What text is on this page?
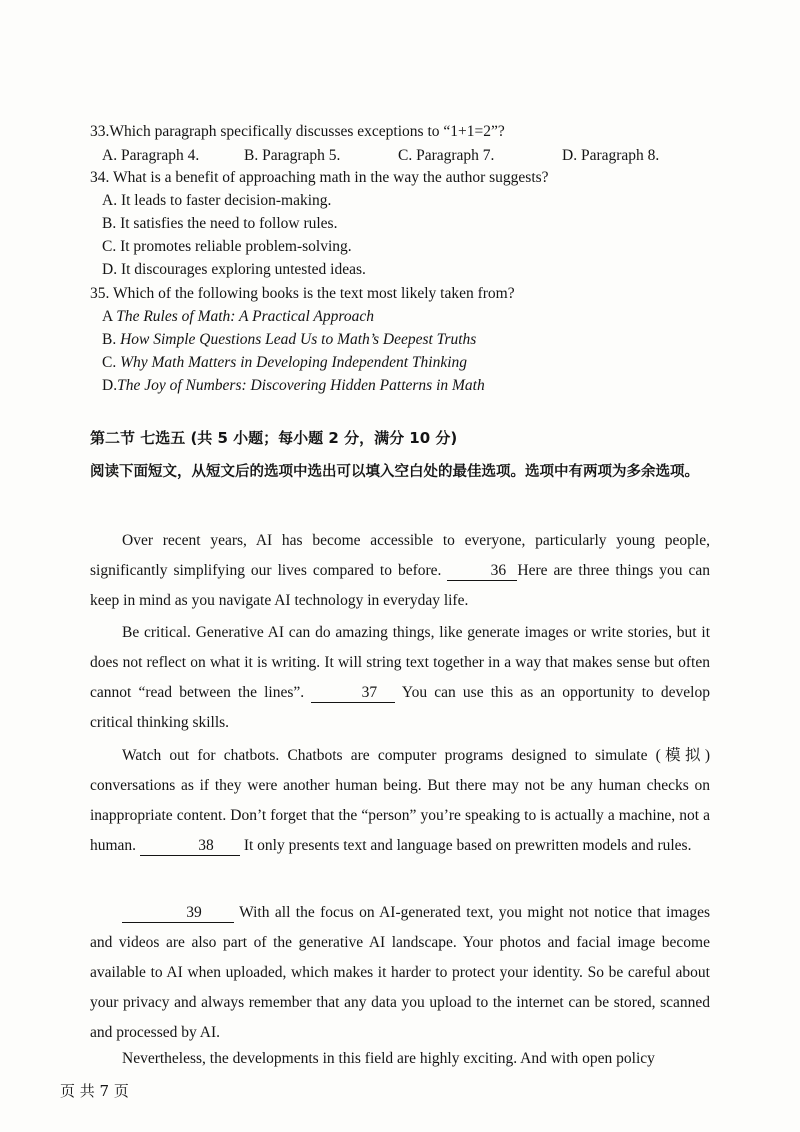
33.Which paragraph specifically discusses exceptions to “1+1=2”?
A. Paragraph 4.	B. Paragraph 5.	C. Paragraph 7.	D. Paragraph 8.
34. What is a benefit of approaching math in the way the author suggests?
A. It leads to faster decision-making.
B. It satisfies the need to follow rules.
C. It promotes reliable problem-solving.
D. It discourages exploring untested ideas.
35. Which of the following books is the text most likely taken from?
A The Rules of Math: A Practical Approach
B. How Simple Questions Lead Us to Math’s Deepest Truths
C. Why Math Matters in Developing Independent Thinking
D.The Joy of Numbers: Discovering Hidden Patterns in Math
第二节 七选五 (共 5 小题；每小题 2 分，满分 10 分)
阅读下面短文，从短文后的选项中选出可以填入空白处的最佳选项。选项中有两项为多余选项。
Over recent years, AI has become accessible to everyone, particularly young people, significantly simplifying our lives compared to before.	36 Here are three things you can keep in mind as you navigate AI technology in everyday life.
Be critical. Generative AI can do amazing things, like generate images or write stories, but it does not reflect on what it is writing. It will string text together in a way that makes sense but often cannot “read between the lines”.	37 You can use this as an opportunity to develop critical thinking skills.
Watch out for chatbots. Chatbots are computer programs designed to simulate (模拟) conversations as if they were another human being. But there may not be any human checks on inappropriate content. Don’t forget that the “person” you’re speaking to is actually a machine, not a human.	38 It only presents text and language based on prewritten models and rules.
39 With all the focus on AI-generated text, you might not notice that images and videos are also part of the generative AI landscape. Your photos and facial image become available to AI when uploaded, which makes it harder to protect your identity. So be careful about your privacy and always remember that any data you upload to the internet can be stored, scanned and processed by AI.
Nevertheless, the developments in this field are highly exciting. And with open policy
页 共 7 页
